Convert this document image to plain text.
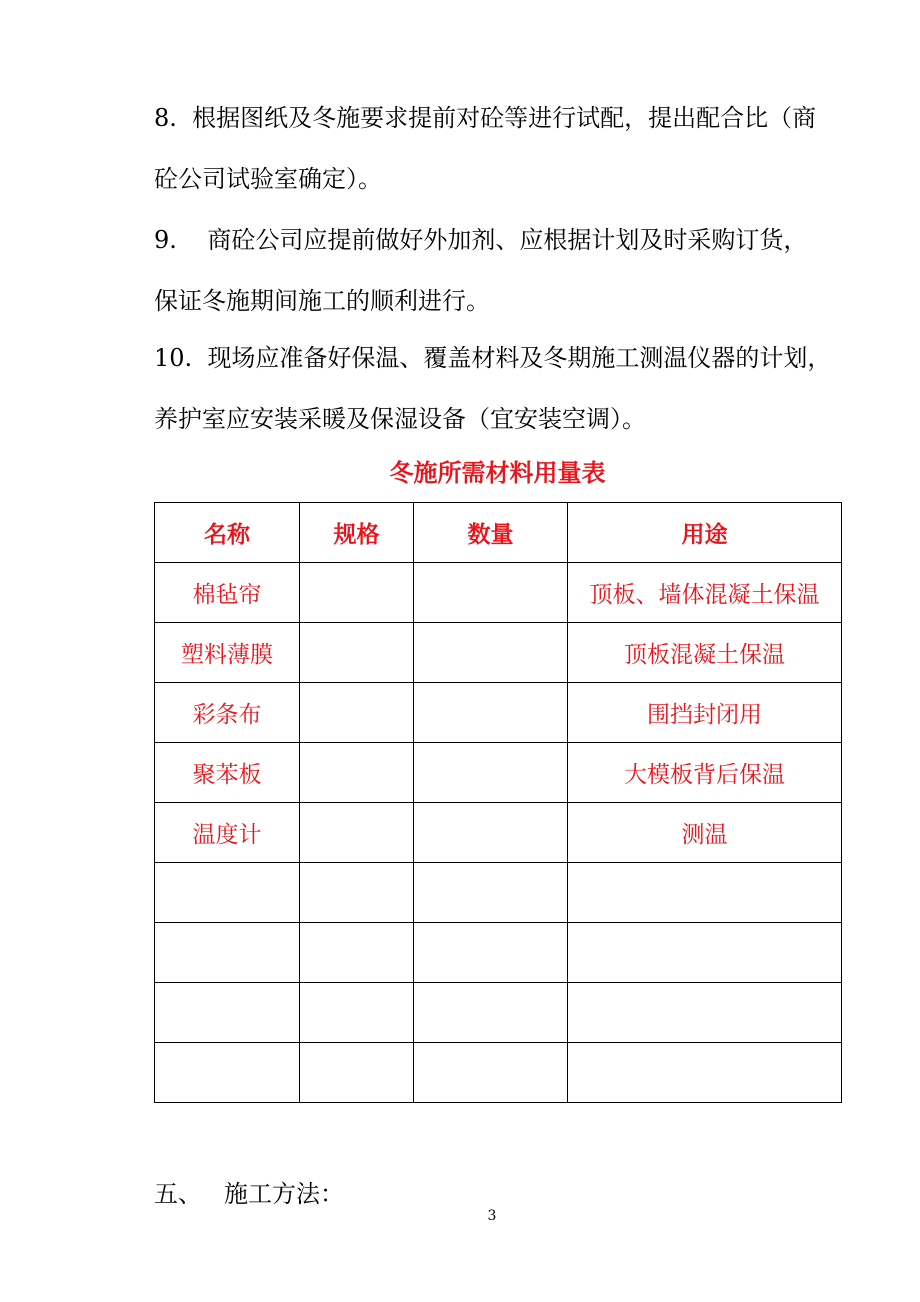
8. 根据图纸及冬施要求提前对砼等进行试配，提出配合比（商
砼公司试验室确定）。
9. 商砼公司应提前做好外加剂、应根据计划及时采购订货，
保证冬施期间施工的顺利进行。
10. 现场应准备好保温、覆盖材料及冬期施工测温仪器的计划，
养护室应安装采暖及保湿设备（宜安装空调）。
冬施所需材料用量表
名称	规格	数量	用途
棉毡帘			顶板、墙体混凝土保温
塑料薄膜			顶板混凝土保温
彩条布			围挡封闭用
聚苯板			大模板背后保温
温度计			测温

五、 施工方法：
3
